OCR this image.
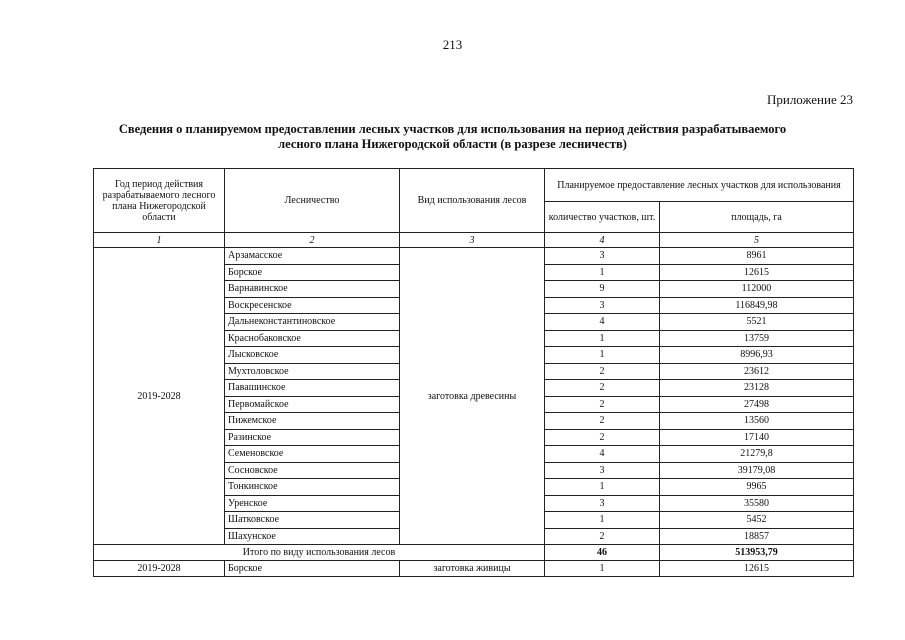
213
Приложение 23
Сведения о планируемом предоставлении лесных участков для использования на период действия разрабатываемого
лесного плана Нижегородской области (в разрезе лесничеств)
Год период действия разрабатываемого лесного плана Нижегородской области	Лесничество	Вид использования лесов	Планируемое предоставление лесных участков для использования	
			количество участков, шт.	площадь, га
1	2	3	4	5
2019-2028	Арзамасское	заготовка древесины	3	8961
	Борское		1	12615
	Варнавинское		9	112000
	Воскресенское		3	116849,98
	Дальнеконстантиновское		4	5521
	Краснобаковское		1	13759
	Лысковское		1	8996,93
	Мухтоловское		2	23612
	Павашинское		2	23128
	Первомайское		2	27498
	Пижемское		2	13560
	Разинское		2	17140
	Семеновское		4	21279,8
	Сосновское		3	39179,08
	Тонкинское		1	9965
	Уренское		3	35580
	Шатковское		1	5452
	Шахунское		2	18857
Итого по виду использования лесов			46	513953,79
2019-2028	Борское	заготовка живицы	1	12615
